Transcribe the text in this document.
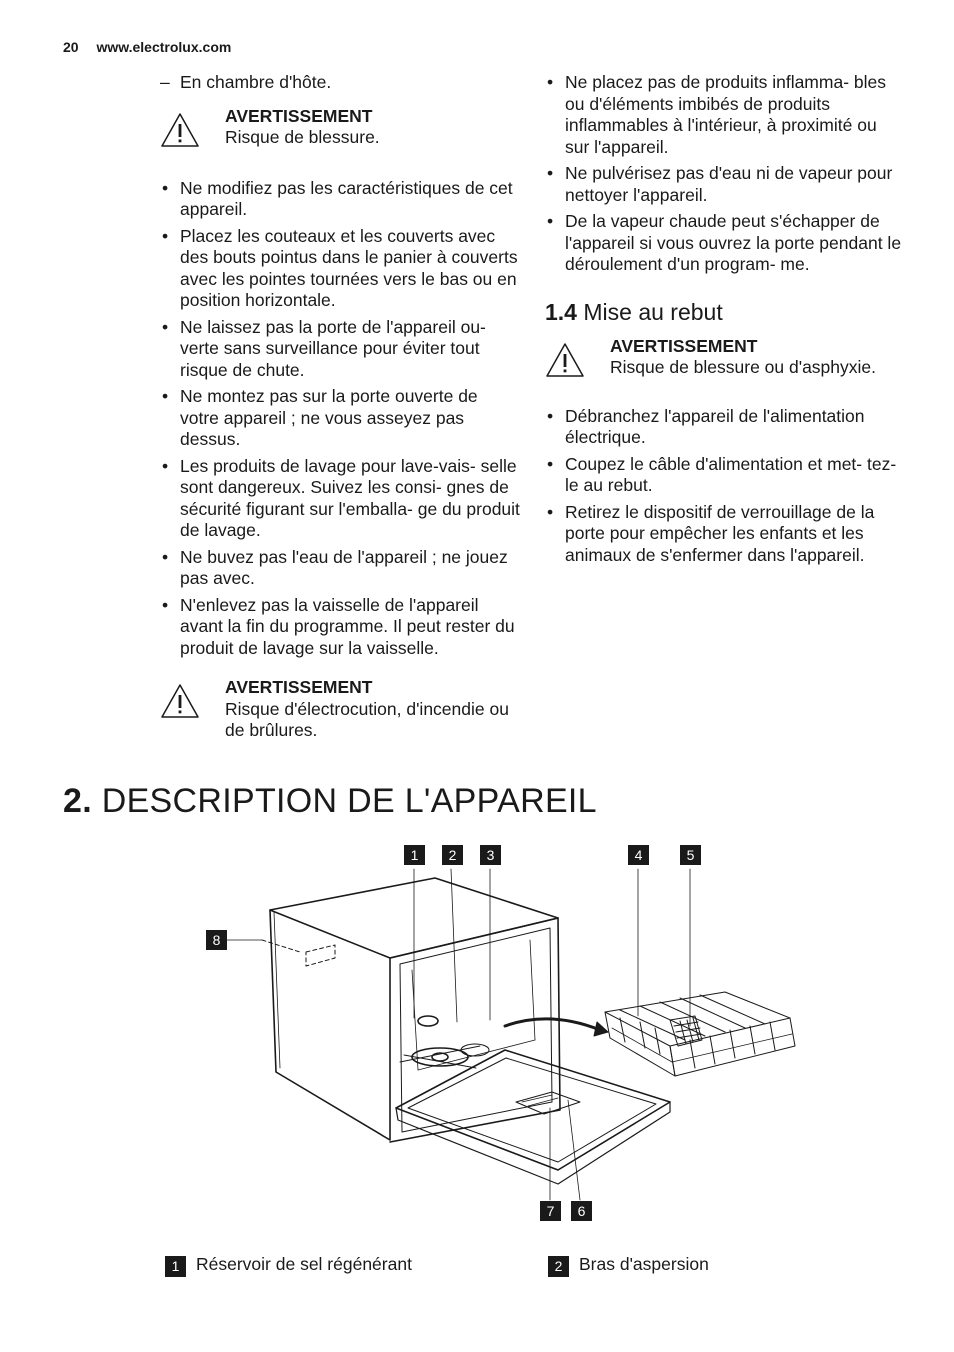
20 www.electrolux.com
– En chambre d'hôte.
AVERTISSEMENT
Risque de blessure.
• Ne modifiez pas les caractéristiques de cet appareil.
• Placez les couteaux et les couverts avec des bouts pointus dans le panier à couverts avec les pointes tournées vers le bas ou en position horizontale.
• Ne laissez pas la porte de l'appareil ou- verte sans surveillance pour éviter tout risque de chute.
• Ne montez pas sur la porte ouverte de votre appareil ; ne vous asseyez pas dessus.
• Les produits de lavage pour lave-vais- selle sont dangereux. Suivez les consi- gnes de sécurité figurant sur l'emballa- ge du produit de lavage.
• Ne buvez pas l'eau de l'appareil ; ne jouez pas avec.
• N'enlevez pas la vaisselle de l'appareil avant la fin du programme. Il peut rester du produit de lavage sur la vaisselle.
AVERTISSEMENT
Risque d'électrocution, d'incendie ou de brûlures.
• Ne placez pas de produits inflamma- bles ou d'éléments imbibés de produits inflammables à l'intérieur, à proximité ou sur l'appareil.
• Ne pulvérisez pas d'eau ni de vapeur pour nettoyer l'appareil.
• De la vapeur chaude peut s'échapper de l'appareil si vous ouvrez la porte pendant le déroulement d'un program- me.
1.4 Mise au rebut
AVERTISSEMENT
Risque de blessure ou d'asphyxie.
• Débranchez l'appareil de l'alimentation électrique.
• Coupez le câble d'alimentation et met- tez-le au rebut.
• Retirez le dispositif de verrouillage de la porte pour empêcher les enfants et les animaux de s'enfermer dans l'appareil.
2. DESCRIPTION DE L'APPAREIL
1 2 3	4	5
6
7
8
1 Réservoir de sel régénérant	2 Bras d'aspersion
